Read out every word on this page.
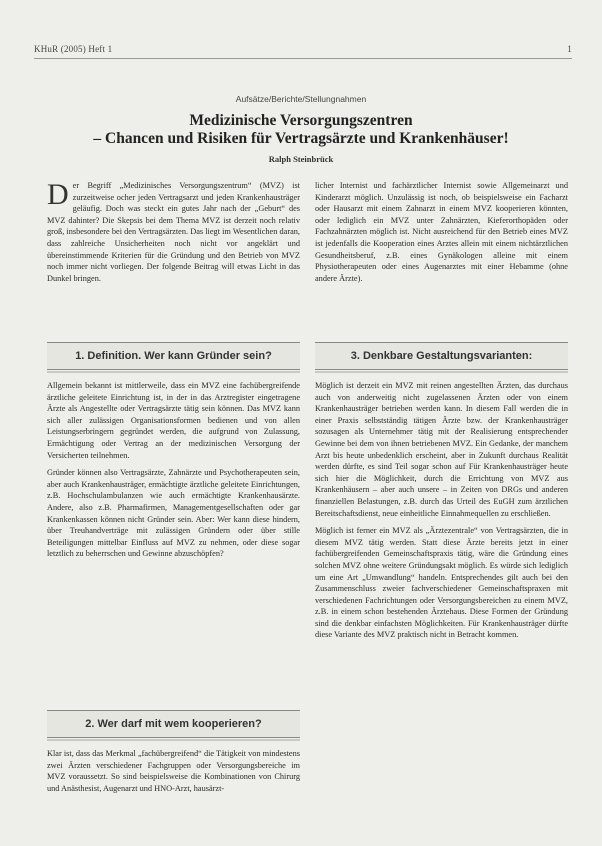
KHuR (2005) Heft 1	1
Aufsätze/Berichte/Stellungnahmen
Medizinische Versorgungszentren
– Chancen und Risiken für Vertragsärzte und Krankenhäuser!
Ralph Steinbrück

D er Begriff „Medizinisches Versorgungszentrum“ (MVZ) ist zurzeitweise ocher jeden Vertragsarzt und jeden Krankenhausträger geläufig. Doch was steckt ein gutes Jahr nach der „Geburt“ des MVZ dahinter? Die Skepsis bei dem Thema MVZ ist derzeit noch relativ groß, insbesondere bei den Vertragsärzten. Das liegt im Wesentlichen daran, dass zahlreiche Unsicherheiten noch nicht vor angeklärt und übereinstimmende Kriterien für die Gründung und den Betrieb von MVZ noch immer nicht vorliegen. Der folgende Beitrag will etwas Licht in das Dunkel bringen.

licher Internist und fachärztlicher Internist sowie Allgemeinarzt und Kinderarzt möglich. Unzulässig ist noch, ob beispielsweise ein Facharzt oder Hausarzt mit einem Zahnarzt in einem MVZ kooperieren könnten, oder lediglich ein MVZ unter Zahnärzten, Kieferorthopäden oder Fachzahnärzten möglich ist. Nicht ausreichend für den Betrieb eines MVZ ist jedenfalls die Kooperation eines Arztes allein mit einem nichtärztlichen Gesundheitsberuf, z.B. eines Gynäkologen alleine mit einem Physiotherapeuten oder eines Augenarztes mit einer Hebamme (ohne andere Ärzte).

1. Definition. Wer kann Gründer sein?

Allgemein bekannt ist mittlerweile, dass ein MVZ eine fachübergreifende ärztliche geleitete Einrichtung ist, in der in das Arztregister eingetragene Ärzte als Angestellte oder Vertragsärzte tätig sein können. Das MVZ kann sich aller zulässigen Organisationsformen bedienen und von allen Leistungserbringern gegründet werden, die aufgrund von Zulassung, Ermächtigung oder Vertrag an der medizinischen Versorgung der Versicherten teilnehmen.

Gründer können also Vertragsärzte, Zahnärzte und Psychotherapeuten sein, aber auch Krankenhausträger, ermächtigte ärztliche geleitete Einrichtungen, z.B. Hochschulambulanzen wie auch ermächtigte Krankenhausärzte. Andere, also z.B. Pharmafirmen, Managementgesellschaften oder gar Krankenkassen können nicht Gründer sein. Aber: Wer kann diese hindern, über Treuhandverträge mit zulässigen Gründern oder über stille Beteiligungen mittelbar Einfluss auf MVZ zu nehmen, oder diese sogar letztlich zu beherrschen und Gewinne abzuschöpfen?

2. Wer darf mit wem kooperieren?

Klar ist, dass das Merkmal „fachübergreifend“ die Tätigkeit von mindestens zwei Ärzten verschiedener Fachgruppen oder Versorgungsbereiche im MVZ voraussetzt. So sind beispielsweise die Kombinationen von Chirurg und Anästhesist, Augenarzt und HNO-Arzt, hausärzt-

3. Denkbare Gestaltungsvarianten:

Möglich ist derzeit ein MVZ mit reinen angestellten Ärzten, das durchaus auch von anderweitig nicht zugelassenen Ärzten oder von einem Krankenhausträger betrieben werden kann. In diesem Fall werden die in einer Praxis selbstständig tätigen Ärzte bzw. der Krankenhausträger sozusagen als Unternehmer tätig mit der Realisierung entsprechender Gewinne bei dem von ihnen betriebenen MVZ. Ein Gedanke, der manchem Arzt bis heute unbedenklich erscheint, aber in Zukunft durchaus Realität werden dürfte, es sind Teil sogar schon auf Für Krankenhausträger heute sich hier die Möglichkeit, durch die Errichtung von MVZ aus Krankenhäusern – aber auch unsere – in Zeiten von DRGs und anderen finanziellen Belastungen, z.B. durch das Urteil des EuGH zum ärztlichen Bereitschaftsdienst, neue einheitliche Einnahmequellen zu erschließen.

Möglich ist ferner ein MVZ als „Ärztezentrale“ von Vertragsärzten, die in diesem MVZ tätig werden. Statt diese Ärzte bereits jetzt in einer fachübergreifenden Gemeinschaftspraxis tätig, wäre die Gründung eines solchen MVZ ohne weitere Gründungsakt möglich. Es würde sich lediglich um eine Art „Umwandlung“ handeln. Entsprechendes gilt auch bei den Zusammenschluss zweier fachverschiedener Gemeinschaftspraxen mit verschiedenen Fachrichtungen oder Versorgungsbereichen zu einem MVZ, z.B. in einem schon bestehenden Ärztehaus. Diese Formen der Gründung sind die denkbar einfachsten Möglichkeiten. Für Krankenhausträger dürfte diese Variante des MVZ praktisch nicht in Betracht kommen.
